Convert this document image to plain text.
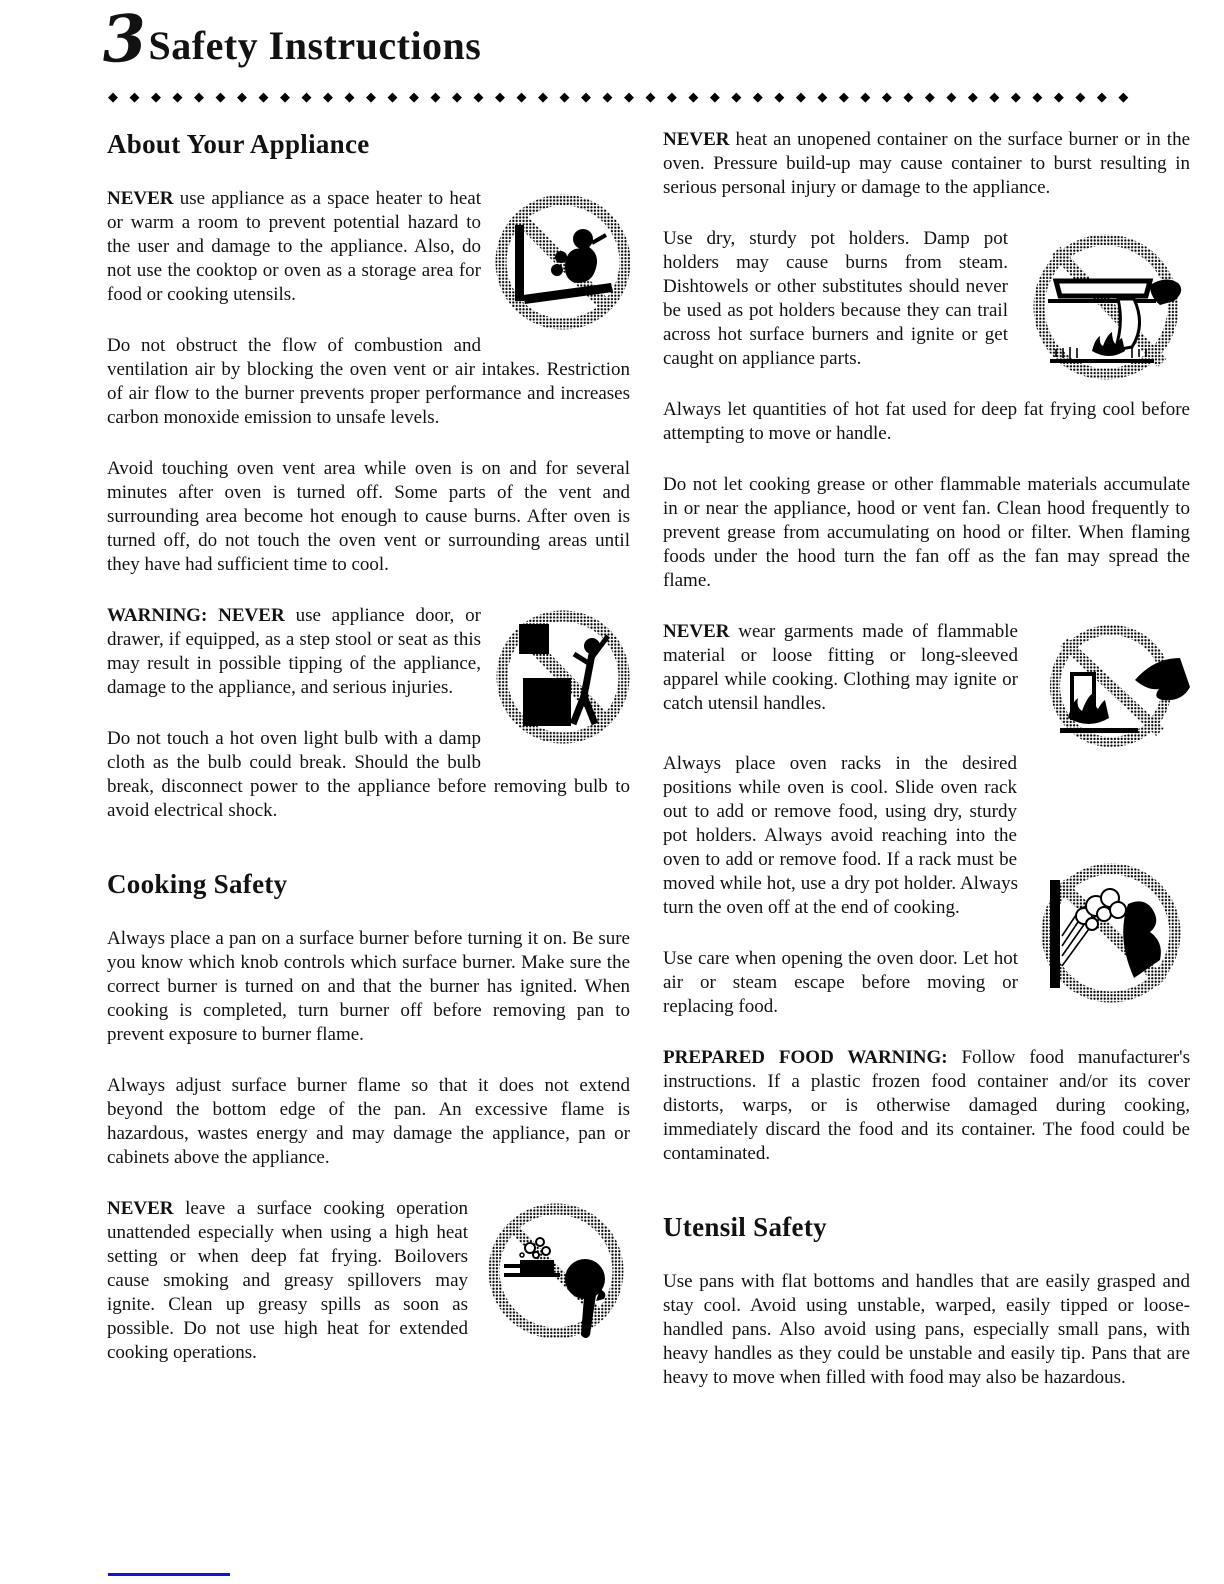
3 Safety Instructions
◆◆◆◆◆◆◆◆◆◆◆◆◆◆◆◆◆◆◆◆◆◆◆◆◆◆◆◆◆◆◆◆◆◆◆◆◆◆◆◆◆◆◆◆◆◆◆◆
About Your Appliance

NEVER use appliance as a space heater to heat or warm a room to prevent potential hazard to the user and damage to the appliance. Also, do not use the cooktop or oven as a storage area for food or cooking utensils.

Do not obstruct the flow of combustion and ventilation air by blocking the oven vent or air intakes. Restriction of air flow to the burner prevents proper performance and increases carbon monoxide emission to unsafe levels.

Avoid touching oven vent area while oven is on and for several minutes after oven is turned off. Some parts of the vent and surrounding area become hot enough to cause burns. After oven is turned off, do not touch the oven vent or surrounding areas until they have had sufficient time to cool.

WARNING: NEVER use appliance door, or drawer, if equipped, as a step stool or seat as this may result in possible tipping of the appliance, damage to the appliance, and serious injuries.

Do not touch a hot oven light bulb with a damp cloth as the bulb could break. Should the bulb break, disconnect power to the appliance before removing bulb to avoid electrical shock.

Cooking Safety

Always place a pan on a surface burner before turning it on. Be sure you know which knob controls which surface burner. Make sure the correct burner is turned on and that the burner has ignited. When cooking is completed, turn burner off before removing pan to prevent exposure to burner flame.

Always adjust surface burner flame so that it does not extend beyond the bottom edge of the pan. An excessive flame is hazardous, wastes energy and may damage the appliance, pan or cabinets above the appliance.

NEVER leave a surface cooking operation unattended especially when using a high heat setting or when deep fat frying. Boilovers cause smoking and greasy spillovers may ignite. Clean up greasy spills as soon as possible. Do not use high heat for extended cooking operations.

NEVER heat an unopened container on the surface burner or in the oven. Pressure build-up may cause container to burst resulting in serious personal injury or damage to the appliance.

Use dry, sturdy pot holders. Damp pot holders may cause burns from steam. Dishtowels or other substitutes should never be used as pot holders because they can trail across hot surface burners and ignite or get caught on appliance parts.

Always let quantities of hot fat used for deep fat frying cool before attempting to move or handle.

Do not let cooking grease or other flammable materials accumulate in or near the appliance, hood or vent fan. Clean hood frequently to prevent grease from accumulating on hood or filter. When flaming foods under the hood turn the fan off as the fan may spread the flame.

NEVER wear garments made of flammable material or loose fitting or long-sleeved apparel while cooking. Clothing may ignite or catch utensil handles.

Always place oven racks in the desired positions while oven is cool. Slide oven rack out to add or remove food, using dry, sturdy pot holders. Always avoid reaching into the oven to add or remove food. If a rack must be moved while hot, use a dry pot holder. Always turn the oven off at the end of cooking.

Use care when opening the oven door. Let hot air or steam escape before moving or replacing food.

PREPARED FOOD WARNING: Follow food manufacturer's instructions. If a plastic frozen food container and/or its cover distorts, warps, or is otherwise damaged during cooking, immediately discard the food and its container. The food could be contaminated.

Utensil Safety

Use pans with flat bottoms and handles that are easily grasped and stay cool. Avoid using unstable, warped, easily tipped or loose-handled pans. Also avoid using pans, especially small pans, with heavy handles as they could be unstable and easily tip. Pans that are heavy to move when filled with food may also be hazardous.
